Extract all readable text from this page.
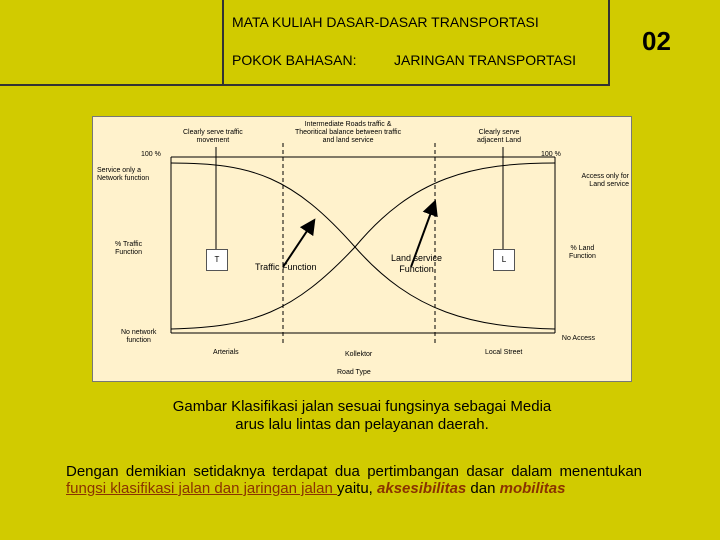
MATA KULIAH DASAR-DASAR TRANSPORTASI
POKOK BAHASAN:	JARINGAN TRANSPORTASI
02
Clearly serve traffic
movement
Intermediate Roads traffic &
Theoritical balance between traffic
and land service
Clearly serve
adjacent Land
100 %	100 %
Service only a
Network function	Access only for
Land service
% Traffic
Function
% Land
Function
T	L
Traffic Function
Land service
Function
No network
function	No Access
Arterials	Kollektor	Local Street
Road Type
Gambar Klasifikasi jalan sesuai fungsinya sebagai Media
arus lalu lintas dan pelayanan daerah.
Dengan demikian setidaknya terdapat dua pertimbangan dasar dalam menentukan fungsi klasifikasi jalan dan jaringan jalan yaitu, aksesibilitas dan mobilitas
